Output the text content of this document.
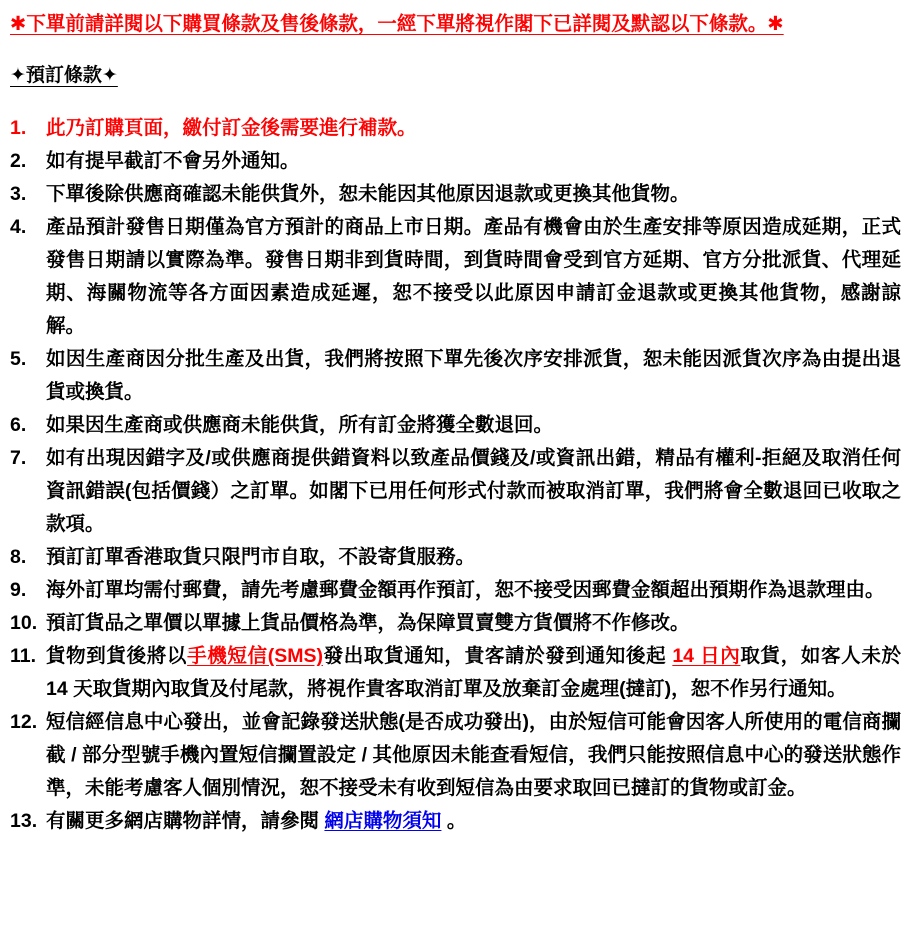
✱下單前請詳閱以下購買條款及售後條款，一經下單將視作閣下已詳閱及默認以下條款。✱
✦預訂條款✦
1.	此乃訂購頁面，繳付訂金後需要進行補款。
2.	如有提早截訂不會另外通知。
3.	下單後除供應商確認未能供貨外，恕未能因其他原因退款或更換其他貨物。
4.	產品預計發售日期僅為官方預計的商品上市日期。產品有機會由於生產安排等原因造成延期，正式發售日期請以實際為準。發售日期非到貨時間，到貨時間會受到官方延期、官方分批派貨、代理延期、海關物流等各方面因素造成延遲，恕不接受以此原因申請訂金退款或更換其他貨物，感謝諒解。
5.	如因生產商因分批生產及出貨，我們將按照下單先後次序安排派貨，恕未能因派貨次序為由提出退貨或換貨。
6.	如果因生產商或供應商未能供貨，所有訂金將獲全數退回。
7.	如有出現因錯字及/或供應商提供錯資料以致產品價錢及/或資訊出錯，精品有權利-拒絕及取消任何資訊錯誤(包括價錢）之訂單。如閣下已用任何形式付款而被取消訂單，我們將會全數退回已收取之款項。
8.	預訂訂單香港取貨只限門市自取，不設寄貨服務。
9.	海外訂單均需付郵費，請先考慮郵費金額再作預訂，恕不接受因郵費金額超出預期作為退款理由。
10. 預訂貨品之單價以單據上貨品價格為準，為保障買賣雙方貨價將不作修改。
11. 貨物到貨後將以手機短信(SMS)發出取貨通知，貴客請於發到通知後起 14 日內取貨，如客人未於 14 天取貨期內取貨及付尾款，將視作貴客取消訂單及放棄訂金處理(撻訂)，恕不作另行通知。
12. 短信經信息中心發出，並會記錄發送狀態(是否成功發出)，由於短信可能會因客人所使用的電信商攔截 / 部分型號手機內置短信攔置設定 / 其他原因未能查看短信，我們只能按照信息中心的發送狀態作準，未能考慮客人個別情況，恕不接受未有收到短信為由要求取回已撻訂的貨物或訂金。
13. 有關更多網店購物詳情，請參閱 網店購物須知 。
